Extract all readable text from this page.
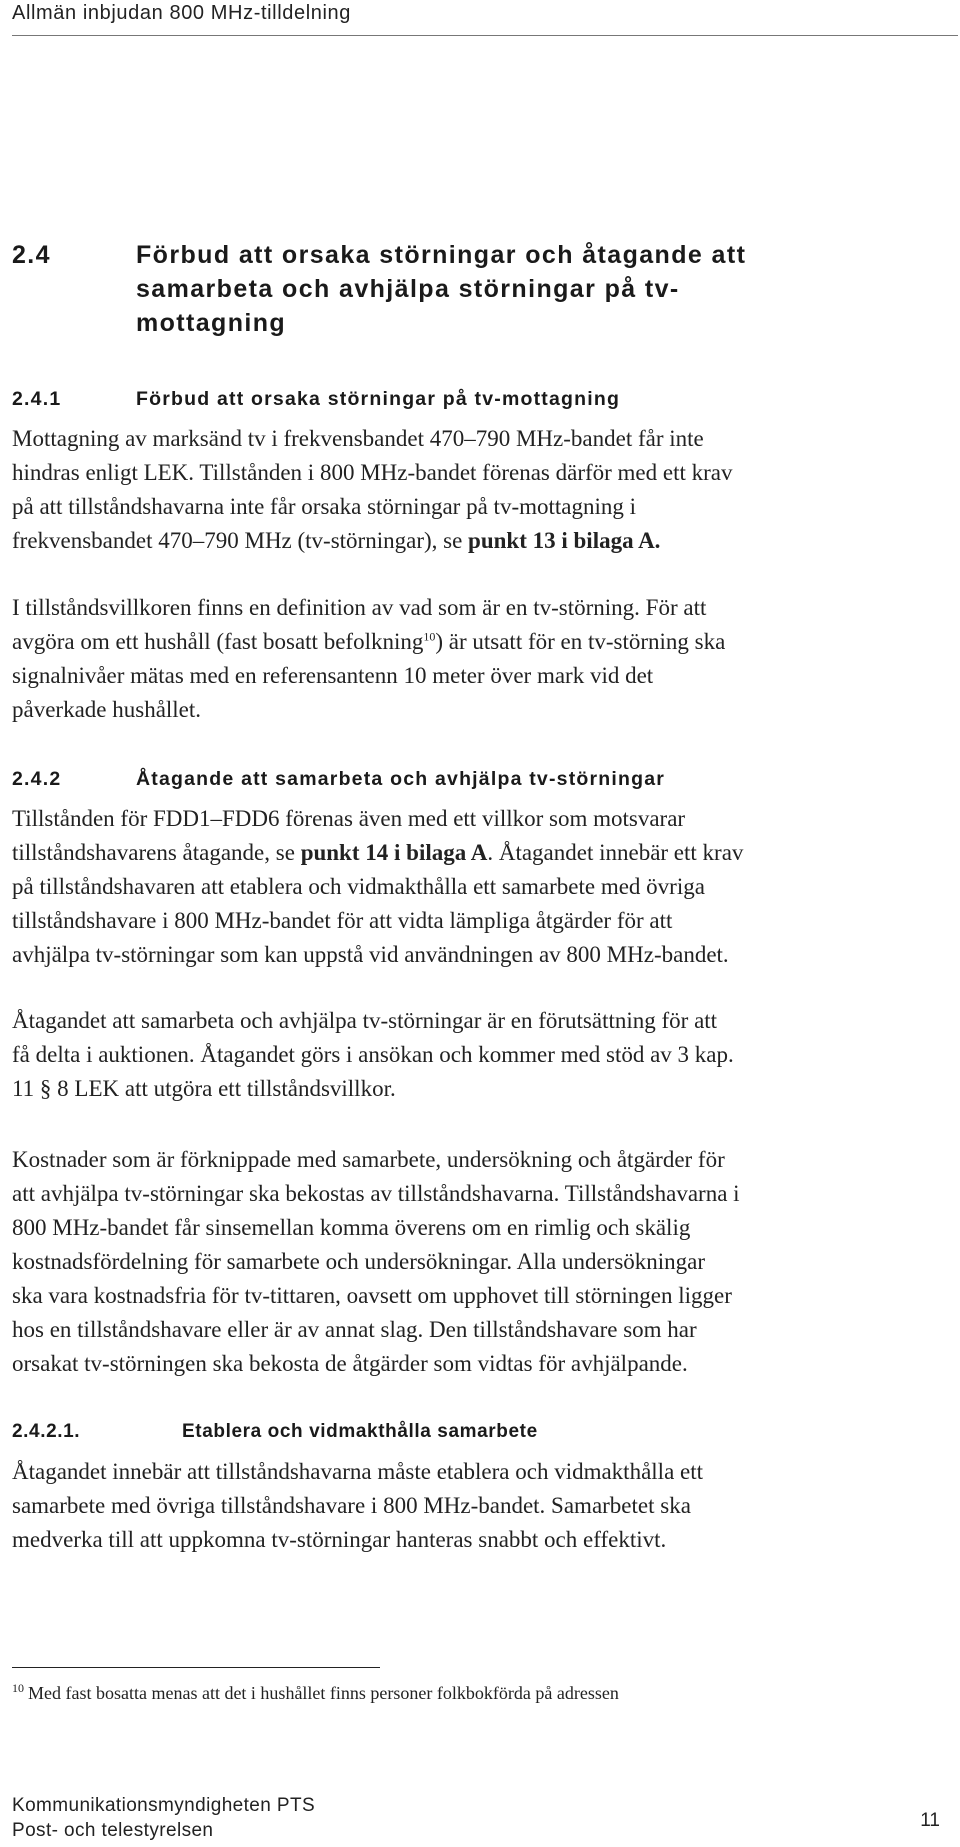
Allmän inbjudan 800 MHz-tilldelning
2.4	Förbud att orsaka störningar och åtagande att
samarbeta och avhjälpa störningar på tv-
mottagning
2.4.1	Förbud att orsaka störningar på tv-mottagning

Mottagning av marksänd tv i frekvensbandet 470–790 MHz-bandet får inte
hindras enligt LEK. Tillstånden i 800 MHz-bandet förenas därför med ett krav
på att tillståndshavarna inte får orsaka störningar på tv-mottagning i
frekvensbandet 470–790 MHz (tv-störningar), se punkt 13 i bilaga A.

I tillståndsvillkoren finns en definition av vad som är en tv-störning. För att
avgöra om ett hushåll (fast bosatt befolkning$^{10}$) är utsatt för en tv-störning ska
signalnivåer mätas med en referensantenn 10 meter över mark vid det
påverkade hushållet.

2.4.2	Åtagande att samarbeta och avhjälpa tv-störningar

Tillstånden för FDD1–FDD6 förenas även med ett villkor som motsvarar
tillståndshavarens åtagande, se punkt 14 i bilaga A. Åtagandet innebär ett krav
på tillståndshavaren att etablera och vidmakthålla ett samarbete med övriga
tillståndshavare i 800 MHz-bandet för att vidta lämpliga åtgärder för att
avhjälpa tv-störningar som kan uppstå vid användningen av 800 MHz-bandet.

Åtagandet att samarbeta och avhjälpa tv-störningar är en förutsättning för att
få delta i auktionen. Åtagandet görs i ansökan och kommer med stöd av 3 kap.
11 § 8 LEK att utgöra ett tillståndsvillkor.

Kostnader som är förknippade med samarbete, undersökning och åtgärder för
att avhjälpa tv-störningar ska bekostas av tillståndshavarna. Tillståndshavarna i
800 MHz-bandet får sinsemellan komma överens om en rimlig och skälig
kostnadsfördelning för samarbete och undersökningar. Alla undersökningar
ska vara kostnadsfria för tv-tittaren, oavsett om upphovet till störningen ligger
hos en tillståndshavare eller är av annat slag. Den tillståndshavare som har
orsakat tv-störningen ska bekosta de åtgärder som vidtas för avhjälpande.

2.4.2.1.	Etablera och vidmakthålla samarbete

Åtagandet innebär att tillståndshavarna måste etablera och vidmakthålla ett
samarbete med övriga tillståndshavare i 800 MHz-bandet. Samarbetet ska
medverka till att uppkomna tv-störningar hanteras snabbt och effektivt.

$^{10}$ Med fast bosatta menas att det i hushållet finns personer folkbokförda på adressen

Kommunikationsmyndigheten PTS

Post- och telestyrelsen	11
